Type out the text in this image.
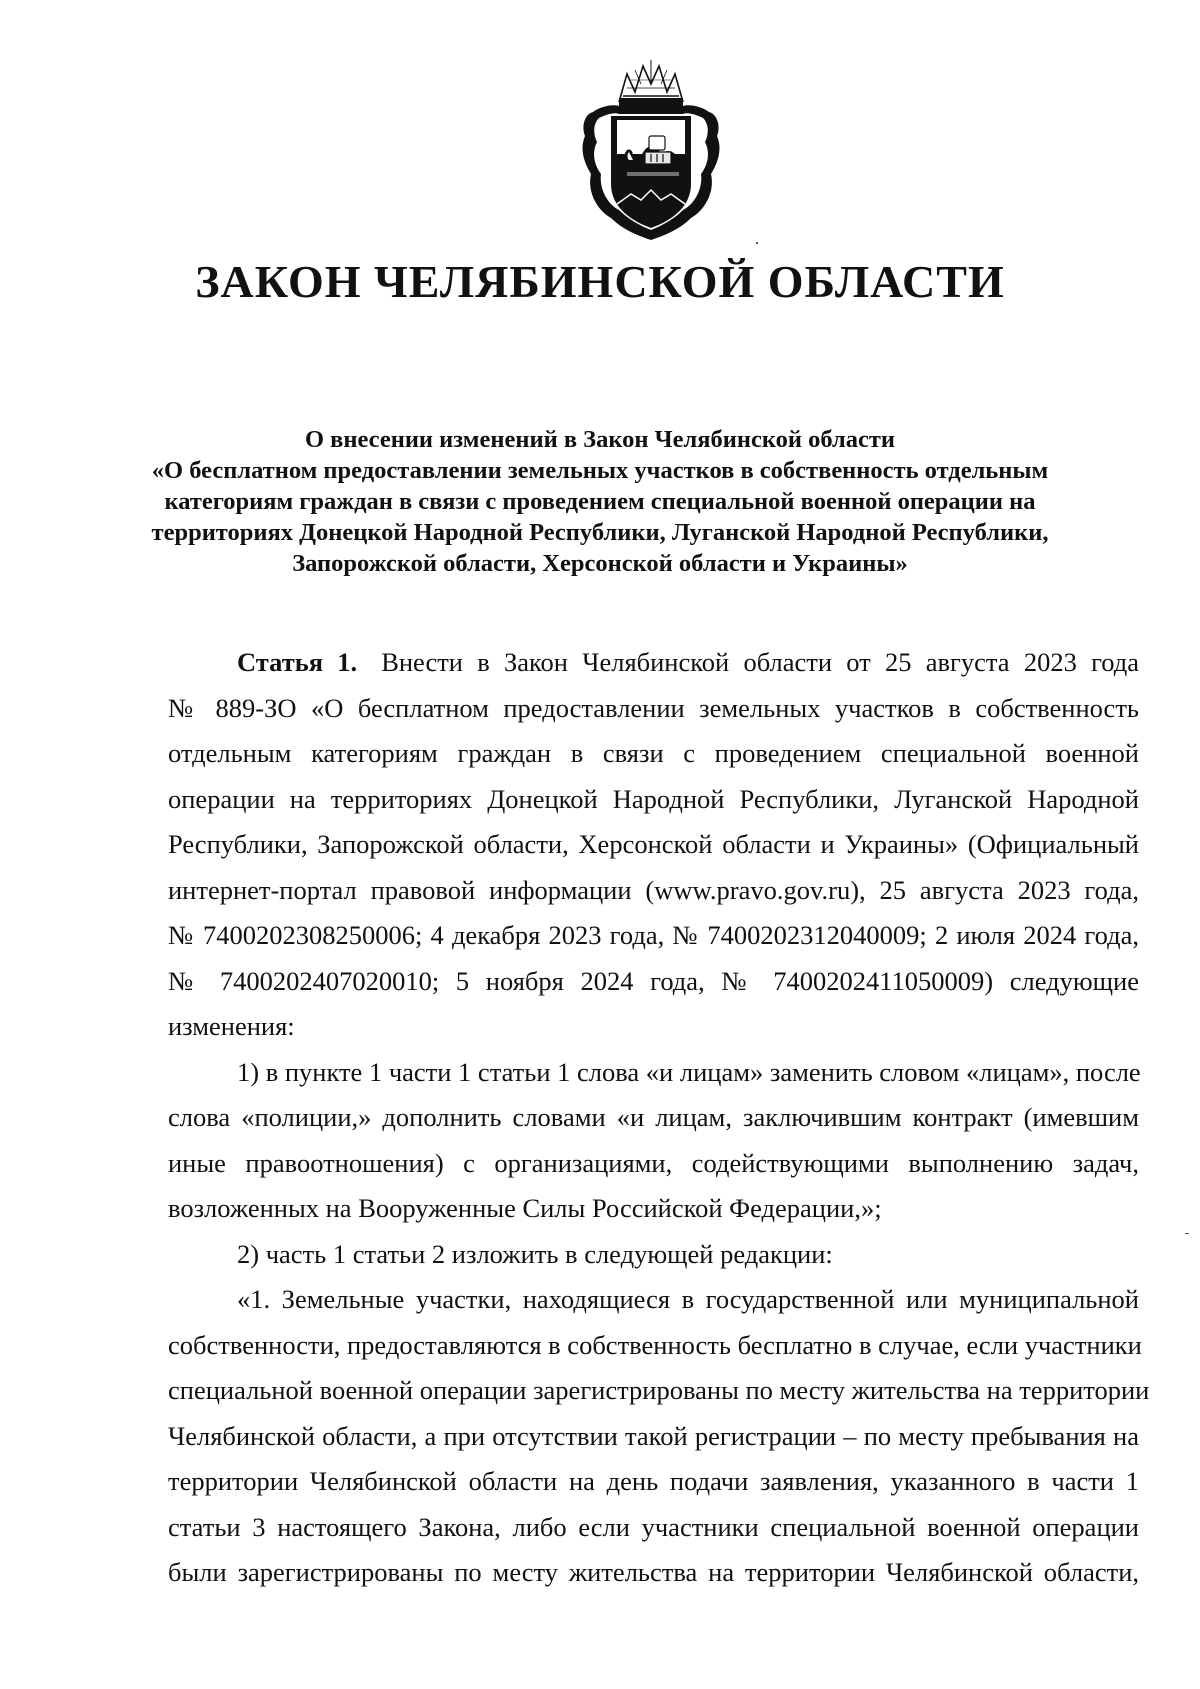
ЗАКОН ЧЕЛЯБИНСКОЙ ОБЛАСТИ
О внесении изменений в Закон Челябинской области
«О бесплатном предоставлении земельных участков в собственность отдельным
категориям граждан в связи с проведением специальной военной операции на
территориях Донецкой Народной Республики, Луганской Народной Республики,
Запорожской области, Херсонской области и Украины»
Статья 1. Внести в Закон Челябинской области от 25 августа 2023 года
№ 889-ЗО «О бесплатном предоставлении земельных участков в собственность
отдельным категориям граждан в связи с проведением специальной военной
операции на территориях Донецкой Народной Республики, Луганской Народной
Республики, Запорожской области, Херсонской области и Украины» (Официальный
интернет-портал правовой информации (www.pravo.gov.ru), 25 августа 2023 года,
№ 7400202308250006; 4 декабря 2023 года, № 7400202312040009; 2 июля 2024 года,
№ 7400202407020010; 5 ноября 2024 года, № 7400202411050009) следующие
изменения:
1) в пункте 1 части 1 статьи 1 слова «и лицам» заменить словом «лицам», после
слова «полиции,» дополнить словами «и лицам, заключившим контракт (имевшим
иные правоотношения) с организациями, содействующими выполнению задач,
возложенных на Вооруженные Силы Российской Федерации,»;
2) часть 1 статьи 2 изложить в следующей редакции:
«1. Земельные участки, находящиеся в государственной или муниципальной
собственности, предоставляются в собственность бесплатно в случае, если участники
специальной военной операции зарегистрированы по месту жительства на территории
Челябинской области, а при отсутствии такой регистрации – по месту пребывания на
территории Челябинской области на день подачи заявления, указанного в части 1
статьи 3 настоящего Закона, либо если участники специальной военной операции
были зарегистрированы по месту жительства на территории Челябинской области,
